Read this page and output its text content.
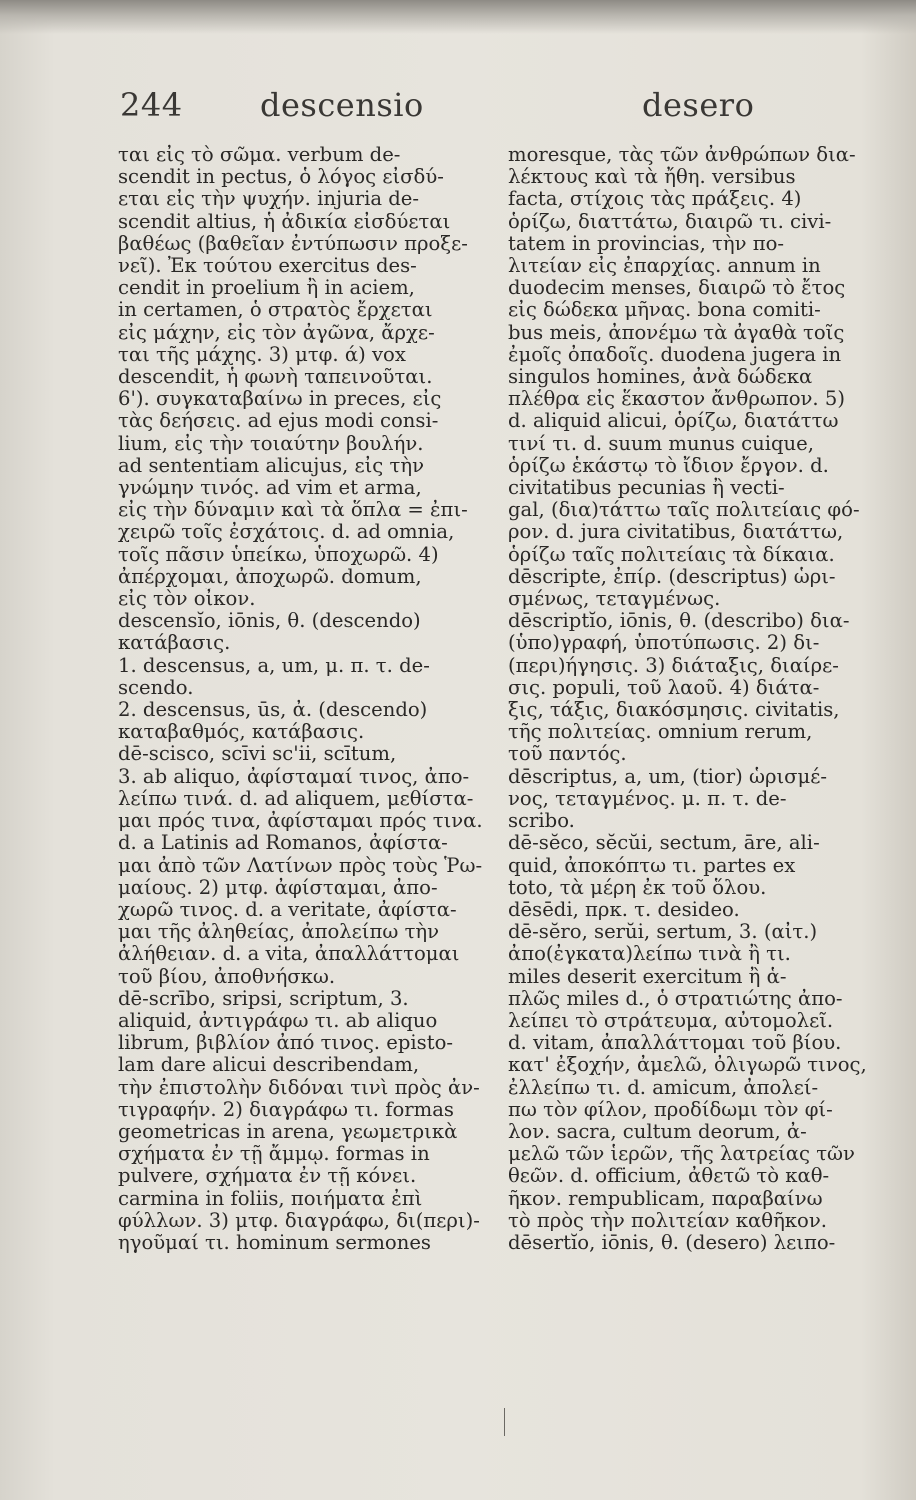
244 descensio	desero
ται εἰς τὸ σῶμα. verbum de-
scendit in pectus, ὁ λόγος εἰσδύ-
εται εἰς τὴν ψυχήν. injuria de-
scendit altius, ἡ ἀδικία εἰσδύεται
βαθέως (βαθεῖαν ἐντύπωσιν προξε-
νεῖ). Ἐκ τούτου exercitus des-
cendit in proelium ἢ in aciem,
in certamen, ὁ στρατὸς ἔρχεται
εἰς μάχην, εἰς τὸν ἀγῶνα, ἄρχε-
ται τῆς μάχης. 3) μτφ. ά) vox
descendit, ἡ φωνὴ ταπεινοῦται.
6'). συγκαταβαίνω in preces, εἰς
τὰς δεήσεις. ad ejus modi consi-
lium, εἰς τὴν τοιαύτην βουλήν.
ad sententiam alicujus, εἰς τὴν
γνώμην τινός. ad vim et arma,
εἰς τὴν δύναμιν καὶ τὰ ὅπλα = ἐπι-
χειρῶ τοῖς ἐσχάτοις. d. ad omnia,
τοῖς πᾶσιν ὑπείκω, ὑποχωρῶ. 4)
ἀπέρχομαι, ἀποχωρῶ. domum,
εἰς τὸν οἶκον.
descensĭo, iōnis, θ. (descendo)
κατάβασις.
1. descensus, a, um, μ. π. τ. de-
scendo.
2. descensus, ūs, ἀ. (descendo)
καταβαθμός, κατάβασις.
dē-scisco, scīvi sc'ii, scītum,
3. ab aliquo, ἀφίσταμαί τινος, ἀπο-
λείπω τινά. d. ad aliquem, μεθίστα-
μαι πρός τινα, ἀφίσταμαι πρός τινα.
d. a Latinis ad Romanos, ἀφίστα-
μαι ἀπὸ τῶν Λατίνων πρὸς τοὺς Ῥω-
μαίους. 2) μτφ. ἀφίσταμαι, ἀπο-
χωρῶ τινος. d. a veritate, ἀφίστα-
μαι τῆς ἀληθείας, ἀπολείπω τὴν
ἀλήθειαν. d. a vita, ἀπαλλάττομαι
τοῦ βίου, ἀποθνήσκω.
dē-scrībo, sripsi, scriptum, 3.
aliquid, ἀντιγράφω τι. ab aliquo
librum, βιβλίον ἀπό τινος. episto-
lam dare alicui describendam,
τὴν ἐπιστολὴν διδόναι τινὶ πρὸς ἀν-
τιγραφήν. 2) διαγράφω τι. formas
geometricas in arena, γεωμετρικὰ
σχήματα ἐν τῇ ἄμμῳ. formas in
pulvere, σχήματα ἐν τῇ κόνει.
carmina in foliis, ποιήματα ἐπὶ
φύλλων. 3) μτφ. διαγράφω, δι(περι)-
ηγοῦμαί τι. hominum sermones
moresque, τὰς τῶν ἀνθρώπων δια-
λέκτους καὶ τὰ ἤθη. versibus
facta, στίχοις τὰς πράξεις. 4)
ὁρίζω, διαττάτω, διαιρῶ τι. civi-
tatem in provincias, τὴν πο-
λιτείαν εἰς ἐπαρχίας. annum in
duodecim menses, διαιρῶ τὸ ἔτος
εἰς δώδεκα μῆνας. bona comiti-
bus meis, ἀπονέμω τὰ ἀγαθὰ τοῖς
ἐμοῖς ὀπαδοῖς. duodena jugera in
singulos homines, ἀνὰ δώδεκα
πλέθρα εἰς ἕκαστον ἄνθρωπον. 5)
d. aliquid alicui, ὁρίζω, διατάττω
τινί τι. d. suum munus cuique,
ὁρίζω ἑκάστῳ τὸ ἴδιον ἔργον. d.
civitatibus pecunias ἢ vecti-
gal, (δια)τάττω ταῖς πολιτείαις φό-
ρον. d. jura civitatibus, διατάττω,
ὁρίζω ταῖς πολιτείαις τὰ δίκαια.
dēscripte, ἐπίρ. (descriptus) ὡρι-
σμένως, τεταγμένως.
dēscriptĭo, iōnis, θ. (describo) δια-
(ὑπο)γραφή, ὑποτύπωσις. 2) δι-
(περι)ήγησις. 3) διάταξις, διαίρε-
σις. populi, τοῦ λαοῦ. 4) διάτα-
ξις, τάξις, διακόσμησις. civitatis,
τῆς πολιτείας. omnium rerum,
τοῦ παντός.
dēscriptus, a, um, (tior) ὡρισμέ-
νος, τεταγμένος. μ. π. τ. de-
scribo.
dē-sĕco, sĕcŭi, sectum, āre, ali-
quid, ἀποκόπτω τι. partes ex
toto, τὰ μέρη ἐκ τοῦ ὅλου.
dēsēdi, πρκ. τ. desideo.
dē-sĕro, serŭi, sertum, 3. (αἰτ.)
ἀπο(ἐγκατα)λείπω τινὰ ἢ τι.
miles deserit exercitum ἢ ἁ-
πλῶς miles d., ὁ στρατιώτης ἀπο-
λείπει τὸ στράτευμα, αὐτομολεῖ.
d. vitam, ἀπαλλάττομαι τοῦ βίου.
κατ' ἐξοχήν, ἀμελῶ, ὀλιγωρῶ τινος,
ἐλλείπω τι. d. amicum, ἀπολεί-
πω τὸν φίλον, προδίδωμι τὸν φί-
λον. sacra, cultum deorum, ἀ-
μελῶ τῶν ἱερῶν, τῆς λατρείας τῶν
θεῶν. d. officium, ἀθετῶ τὸ καθ-
ῆκον. rempublicam, παραβαίνω
τὸ πρὸς τὴν πολιτείαν καθῆκον.
dēsertĭo, iōnis, θ. (desero) λειπο-
